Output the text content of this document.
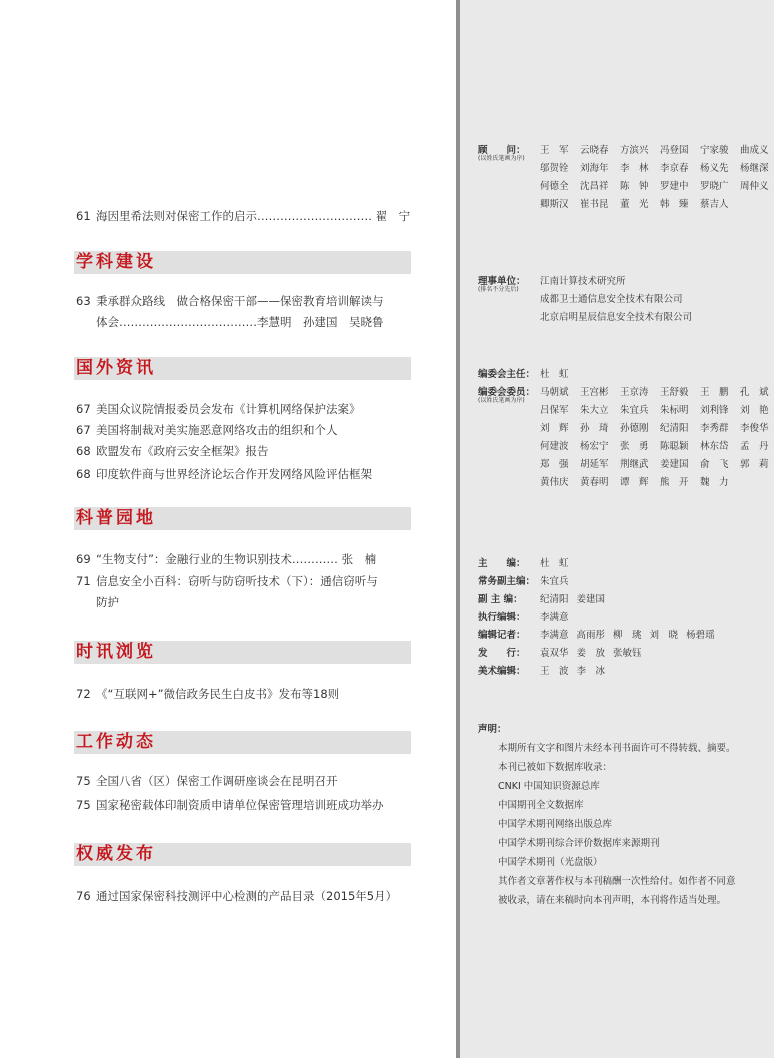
61 海因里希法则对保密工作的启示………………………… 翟　宁
学科建设
63 秉承群众路线　做合格保密干部——保密教育培训解读与
体会………………………………李慧明　孙建国　吴晓鲁
国外资讯
67 美国众议院情报委员会发布《计算机网络保护法案》
67 美国将制裁对美实施恶意网络攻击的组织和个人
68 欧盟发布《政府云安全框架》报告
68 印度软件商与世界经济论坛合作开发网络风险评估框架
科普园地
69 “生物支付”：金融行业的生物识别技术………… 张　楠
71 信息安全小百科：窃听与防窃听技术（下）：通信窃听与
防护
时讯浏览
72 《“互联网+”微信政务民生白皮书》发布等18则
工作动态
75 全国八省（区）保密工作调研座谈会在昆明召开
75 国家秘密载体印制资质申请单位保密管理培训班成功举办
权威发布
76 通过国家保密科技测评中心检测的产品目录（2015年5月）
顾　　问：
(以姓氏笔画为序)
王　军	云晓春	方滨兴	冯登国	宁家骏	曲成义
邬贺铨	刘海年	李　林	李京春	杨义先	杨继深
何德全	沈昌祥	陈　钟	罗建中	罗晓广	周仲义
卿斯汉	崔书昆	董　光	韩　臻	蔡吉人
理事单位：
(排名不分先后)
江南计算技术研究所
成都卫士通信息安全技术有限公司
北京启明星辰信息安全技术有限公司
编委会主任： 杜　虹
编委会委员：
(以姓氏笔画为序)
马朝斌	王宫彬	王京涛	王舒毅	王　鹏	孔　斌
吕保军	朱大立	朱宜兵	朱标明	刘利锋	刘　艳
刘　辉	孙　琦	孙德刚	纪清阳	李秀群	李俊华
何建波	杨宏宁	张　勇	陈聪颖	林东岱	孟　丹
郑　强	胡延军	荆继武	姜建国	俞　飞	郭　莉
黄伟庆	黄春明	谭　辉	熊　开	魏　力
主　　编：	杜　虹
常务副主编： 朱宜兵
副 主 编：	纪清阳 姜建国
执行编辑：	李满意
编辑记者：	李满意 高雨彤 柳　珧 刘　晓 杨碧瑶
发　　行：	袁双华 姜　放 张敏钰
美术编辑：	王　波 李　冰

声明：

本期所有文字和图片未经本刊书面许可不得转载、摘要。

本刊已被如下数据库收录：

CNKI 中国知识资源总库

中国期刊全文数据库

中国学术期刊网络出版总库

中国学术期刊综合评价数据库来源期刊

中国学术期刊（光盘版）

其作者文章著作权与本刊稿酬一次性给付。如作者不同意被收录，请在来稿时向本刊声明，本刊将作适当处理。
